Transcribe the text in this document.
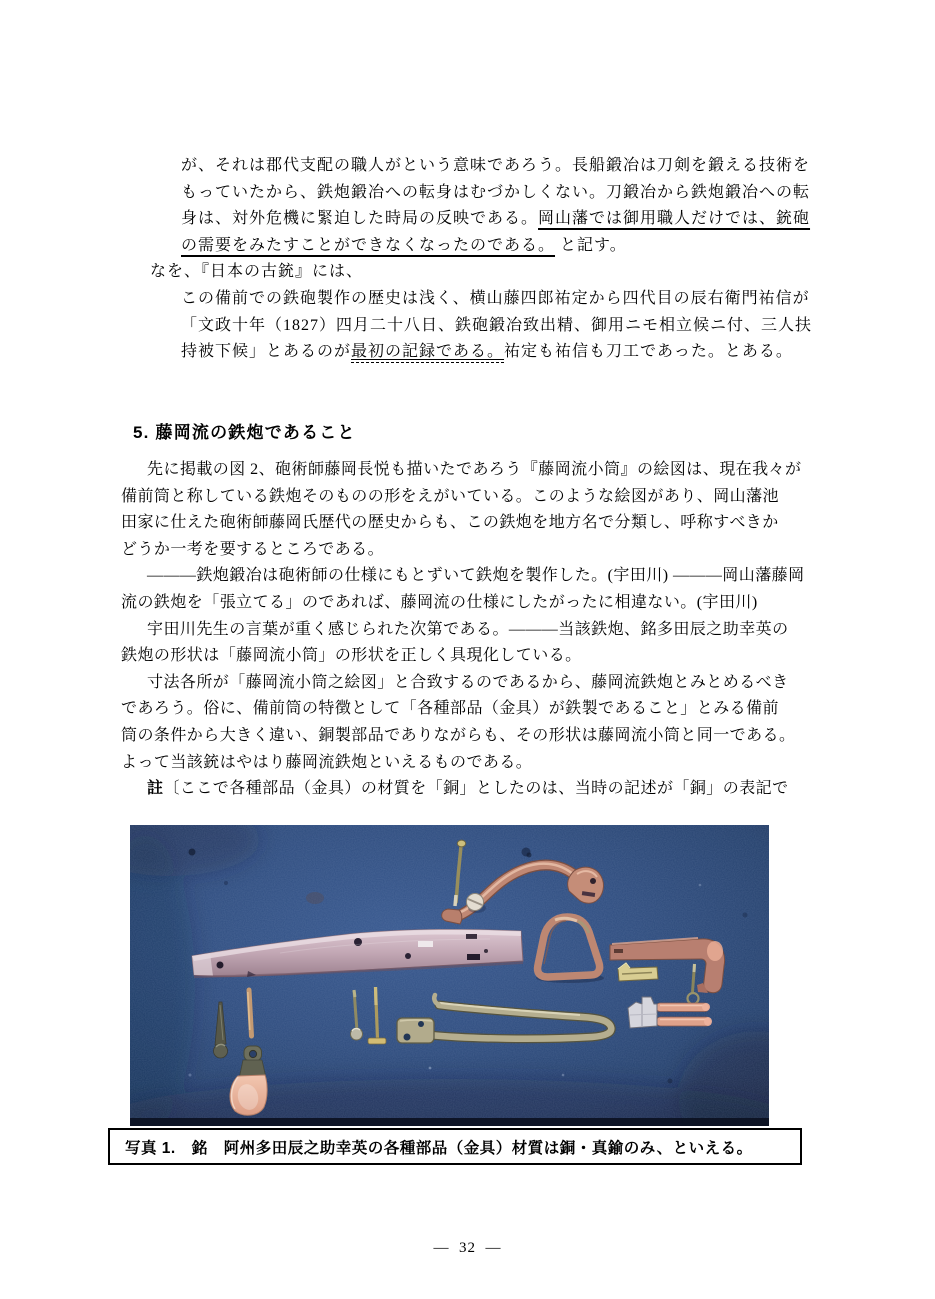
が、それは郡代支配の職人がという意味であろう。長船鍛冶は刀剣を鍛える技術を
もっていたから、鉄炮鍛冶への転身はむづかしくない。刀鍛冶から鉄炮鍛冶への転
身は、対外危機に緊迫した時局の反映である。岡山藩では御用職人だけでは、銃砲
の需要をみたすことができなくなったのである。 と記す。
なを、『日本の古銃』には、
この備前での鉄砲製作の歴史は浅く、横山藤四郎祐定から四代目の辰右衛門祐信が
「文政十年（1827）四月二十八日、鉄砲鍛冶致出精、御用ニモ相立候ニ付、三人扶
持被下候」とあるのが最初の記録である。祐定も祐信も刀工であった。とある。
5. 藤岡流の鉄炮であること
先に掲載の図 2、砲術師藤岡長悦も描いたであろう『藤岡流小筒』の絵図は、現在我々が
備前筒と称している鉄炮そのものの形をえがいている。このような絵図があり、岡山藩池
田家に仕えた砲術師藤岡氏歴代の歴史からも、この鉄炮を地方名で分類し、呼称すべきか
どうか一考を要するところである。
―――鉄炮鍛冶は砲術師の仕様にもとずいて鉄炮を製作した。(宇田川) ―――岡山藩藤岡
流の鉄炮を「張立てる」のであれば、藤岡流の仕様にしたがったに相違ない。(宇田川)
宇田川先生の言葉が重く感じられた次第である。―――当該鉄炮、銘多田辰之助幸英の
鉄炮の形状は「藤岡流小筒」の形状を正しく具現化している。
寸法各所が「藤岡流小筒之絵図」と合致するのであるから、藤岡流鉄炮とみとめるべき
であろう。俗に、備前筒の特徴として「各種部品（金具）が鉄製であること」とみる備前
筒の条件から大きく違い、銅製部品でありながらも、その形状は藤岡流小筒と同一である。
よって当該銃はやはり藤岡流鉄炮といえるものである。
註〔ここで各種部品（金具）の材質を「銅」としたのは、当時の記述が「銅」の表記で
写真 1.　銘　阿州多田辰之助幸英の各種部品（金具）材質は銅・真鍮のみ、といえる。
—  32  —
